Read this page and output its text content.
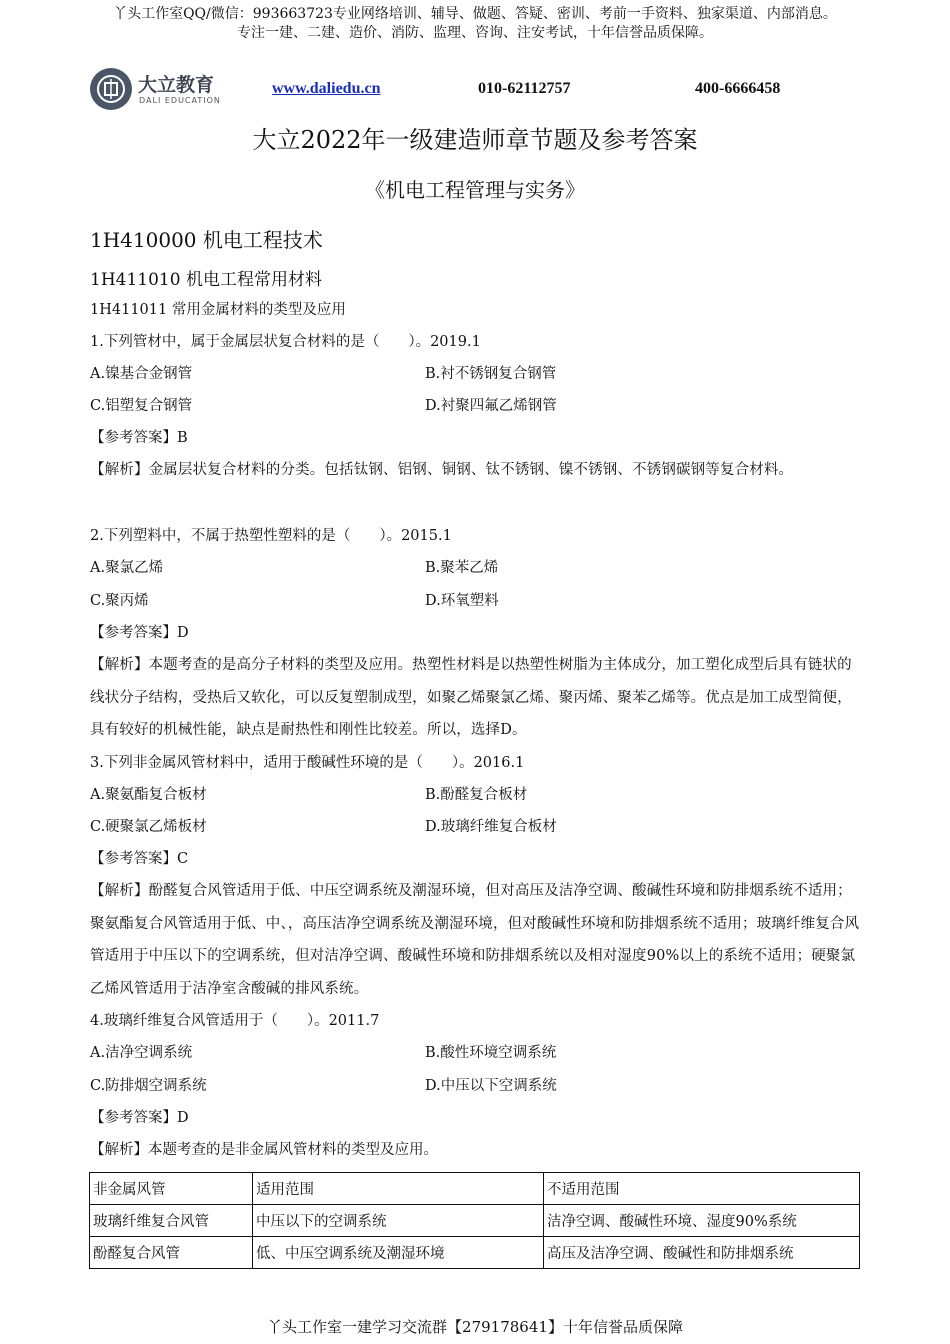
丫头工作室QQ/微信：993663723专业网络培训、辅导、做题、答疑、密训、考前一手资料、独家渠道、内部消息。
专注一建、二建、造价、消防、监理、咨询、注安考试，十年信誉品质保障。
大立教育
DALI EDUCATION
www.daliedu.cn	010-62112757	400-6666458
大立2022年一级建造师章节题及参考答案
《机电工程管理与实务》
1H410000 机电工程技术
1H411010 机电工程常用材料
1H411011 常用金属材料的类型及应用
1.下列管材中，属于金属层状复合材料的是（　　）。2019.1
A.镍基合金钢管	B.衬不锈钢复合钢管
C.铝塑复合钢管	D.衬聚四氟乙烯钢管
【参考答案】B
【解析】金属层状复合材料的分类。包括钛钢、铝钢、铜钢、钛不锈钢、镍不锈钢、不锈钢碳钢等复合材料。
2.下列塑料中，不属于热塑性塑料的是（　　）。2015.1
A.聚氯乙烯	B.聚苯乙烯
C.聚丙烯	D.环氧塑料
【参考答案】D
【解析】本题考查的是高分子材料的类型及应用。热塑性材料是以热塑性树脂为主体成分，加工塑化成型后具有链状的线状分子结构，受热后又软化，可以反复塑制成型，如聚乙烯聚氯乙烯、聚丙烯、聚苯乙烯等。优点是加工成型简便，具有较好的机械性能，缺点是耐热性和刚性比较差。所以，选择D。
3.下列非金属风管材料中，适用于酸碱性环境的是（　　）。2016.1
A.聚氨酯复合板材	B.酚醛复合板材
C.硬聚氯乙烯板材	D.玻璃纤维复合板材
【参考答案】C
【解析】酚醛复合风管适用于低、中压空调系统及潮湿环境，但对高压及洁净空调、酸碱性环境和防排烟系统不适用；聚氨酯复合风管适用于低、中、，高压洁净空调系统及潮湿环境，但对酸碱性环境和防排烟系统不适用；玻璃纤维复合风管适用于中压以下的空调系统，但对洁净空调、酸碱性环境和防排烟系统以及相对湿度90%以上的系统不适用；硬聚氯乙烯风管适用于洁净室含酸碱的排风系统。
4.玻璃纤维复合风管适用于（　　）。2011.7
A.洁净空调系统	B.酸性环境空调系统
C.防排烟空调系统	D.中压以下空调系统
【参考答案】D
【解析】本题考查的是非金属风管材料的类型及应用。
非金属风管	适用范围	不适用范围
玻璃纤维复合风管	中压以下的空调系统	洁净空调、酸碱性环境、湿度90%系统
酚醛复合风管	低、中压空调系统及潮湿环境	高压及洁净空调、酸碱性和防排烟系统
丫头工作室一建学习交流群【279178641】十年信誉品质保障
